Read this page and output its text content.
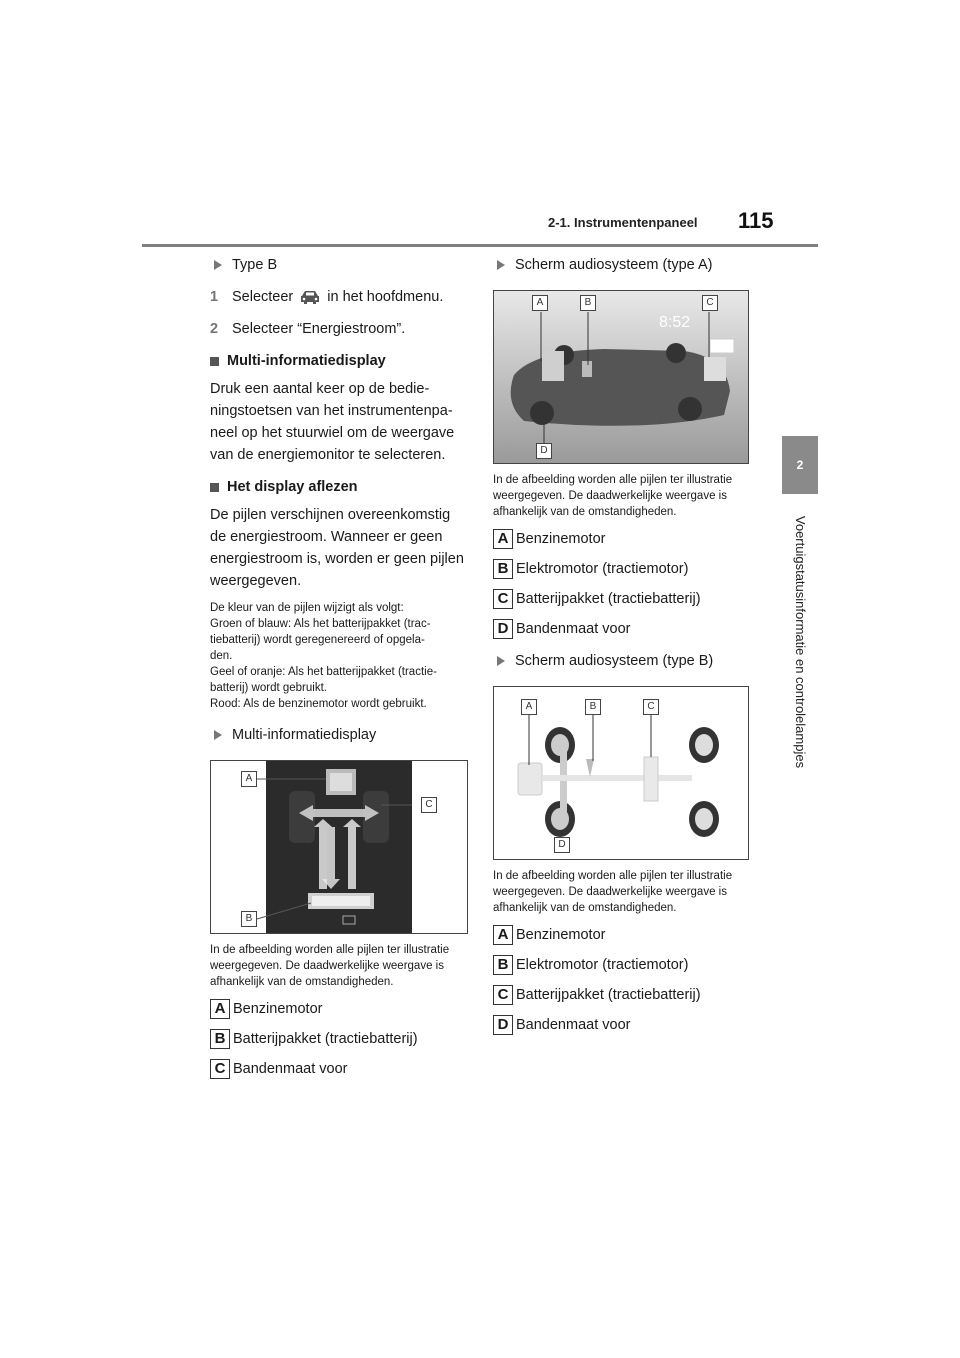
2-1. Instrumentenpaneel 115
2
Voertuigstatusinformatie en controlelampjes
Type B
1 Selecteer in het hoofdmenu.
2 Selecteer “Energiestroom”.
Multi-informatiedisplay
Druk een aantal keer op de bedieningstoetsen van het instrumentenpaneel op het stuurwiel om de weergave van de energiemonitor te selecteren.
Het display aflezen
De pijlen verschijnen overeenkomstig de energiestroom. Wanneer er geen energiestroom is, worden er geen pijlen weergegeven.
De kleur van de pijlen wijzigt als volgt:
Groen of blauw: Als het batterijpakket (trac-
tiebatterij) wordt geregenereerd of opgela-
den.
Geel of oranje: Als het batterijpakket (tractie-
batterij) wordt gebruikt.
Rood: Als de benzinemotor wordt gebruikt.
Multi-informatiedisplay
A
C
B
In de afbeelding worden alle pijlen ter illustratie weergegeven. De daadwerkelijke weergave is afhankelijk van de omstandigheden.
A Benzinemotor
B Batterijpakket (tractiebatterij)
C Bandenmaat voor
Scherm audiosysteem (type A)
8:52
A	B	C
D
In de afbeelding worden alle pijlen ter illustratie weergegeven. De daadwerkelijke weergave is afhankelijk van de omstandigheden.
A Benzinemotor
B Elektromotor (tractiemotor)
C Batterijpakket (tractiebatterij)
D Bandenmaat voor
Scherm audiosysteem (type B)
A	B	C
D
In de afbeelding worden alle pijlen ter illustratie weergegeven. De daadwerkelijke weergave is afhankelijk van de omstandigheden.
A Benzinemotor
B Elektromotor (tractiemotor)
C Batterijpakket (tractiebatterij)
D Bandenmaat voor
